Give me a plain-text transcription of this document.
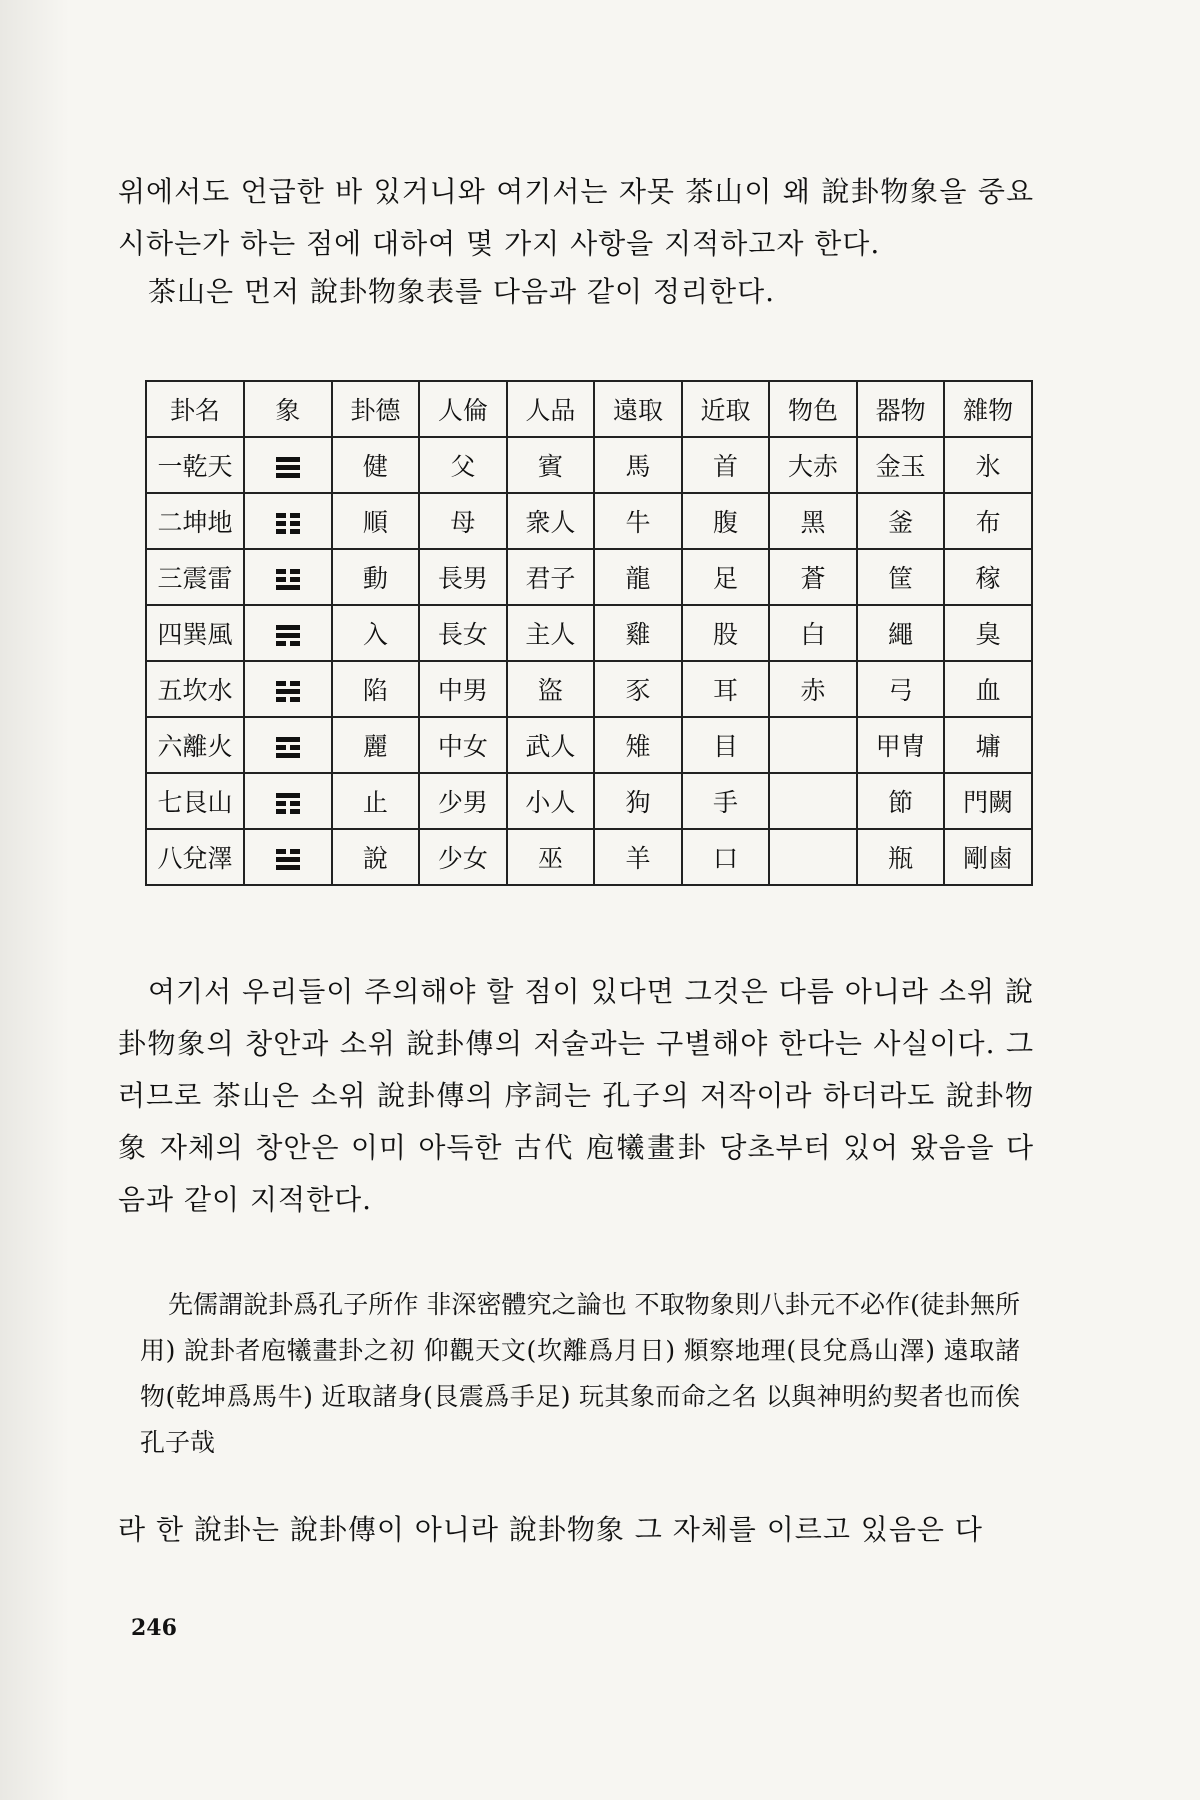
위에서도 언급한 바 있거니와 여기서는 자못 茶山이 왜 說卦物象을 중요시하는가 하는 점에 대하여 몇 가지 사항을 지적하고자 한다.

茶山은 먼저 說卦物象表를 다음과 같이 정리한다.

卦名	象	卦德	人倫	人品	遠取	近取	物色	器物	雜物
一乾天		健	父	賓	馬	首	大赤	金玉	氷
二坤地		順	母	衆人	牛	腹	黑	釜	布
三震雷		動	長男	君子	龍	足	蒼	筐	稼
四巽風		入	長女	主人	雞	股	白	繩	臭
五坎水		陷	中男	盜	豕	耳	赤	弓	血
六離火		麗	中女	武人	雉	目		甲冑	墉
七艮山		止	少男	小人	狗	手		節	門闕
八兌澤		說	少女	巫	羊	口		瓶	剛鹵

여기서 우리들이 주의해야 할 점이 있다면 그것은 다름 아니라 소위 說卦物象의 창안과 소위 說卦傳의 저술과는 구별해야 한다는 사실이다. 그러므로 茶山은 소위 說卦傳의 序詞는 孔子의 저작이라 하더라도 說卦物象 자체의 창안은 이미 아득한 古代 庖犧畫卦 당초부터 있어 왔음을 다음과 같이 지적한다.

先儒謂說卦爲孔子所作 非深密體究之論也 不取物象則八卦元不必作(徒卦無所用) 說卦者庖犧畫卦之初 仰觀天文(坎離爲月日) 頫察地理(艮兌爲山澤) 遠取諸物(乾坤爲馬牛) 近取諸身(艮震爲手足) 玩其象而命之名 以與神明約契者也而俟孔子哉

라 한 說卦는 說卦傳이 아니라 說卦物象 그 자체를 이르고 있음은 다

246
